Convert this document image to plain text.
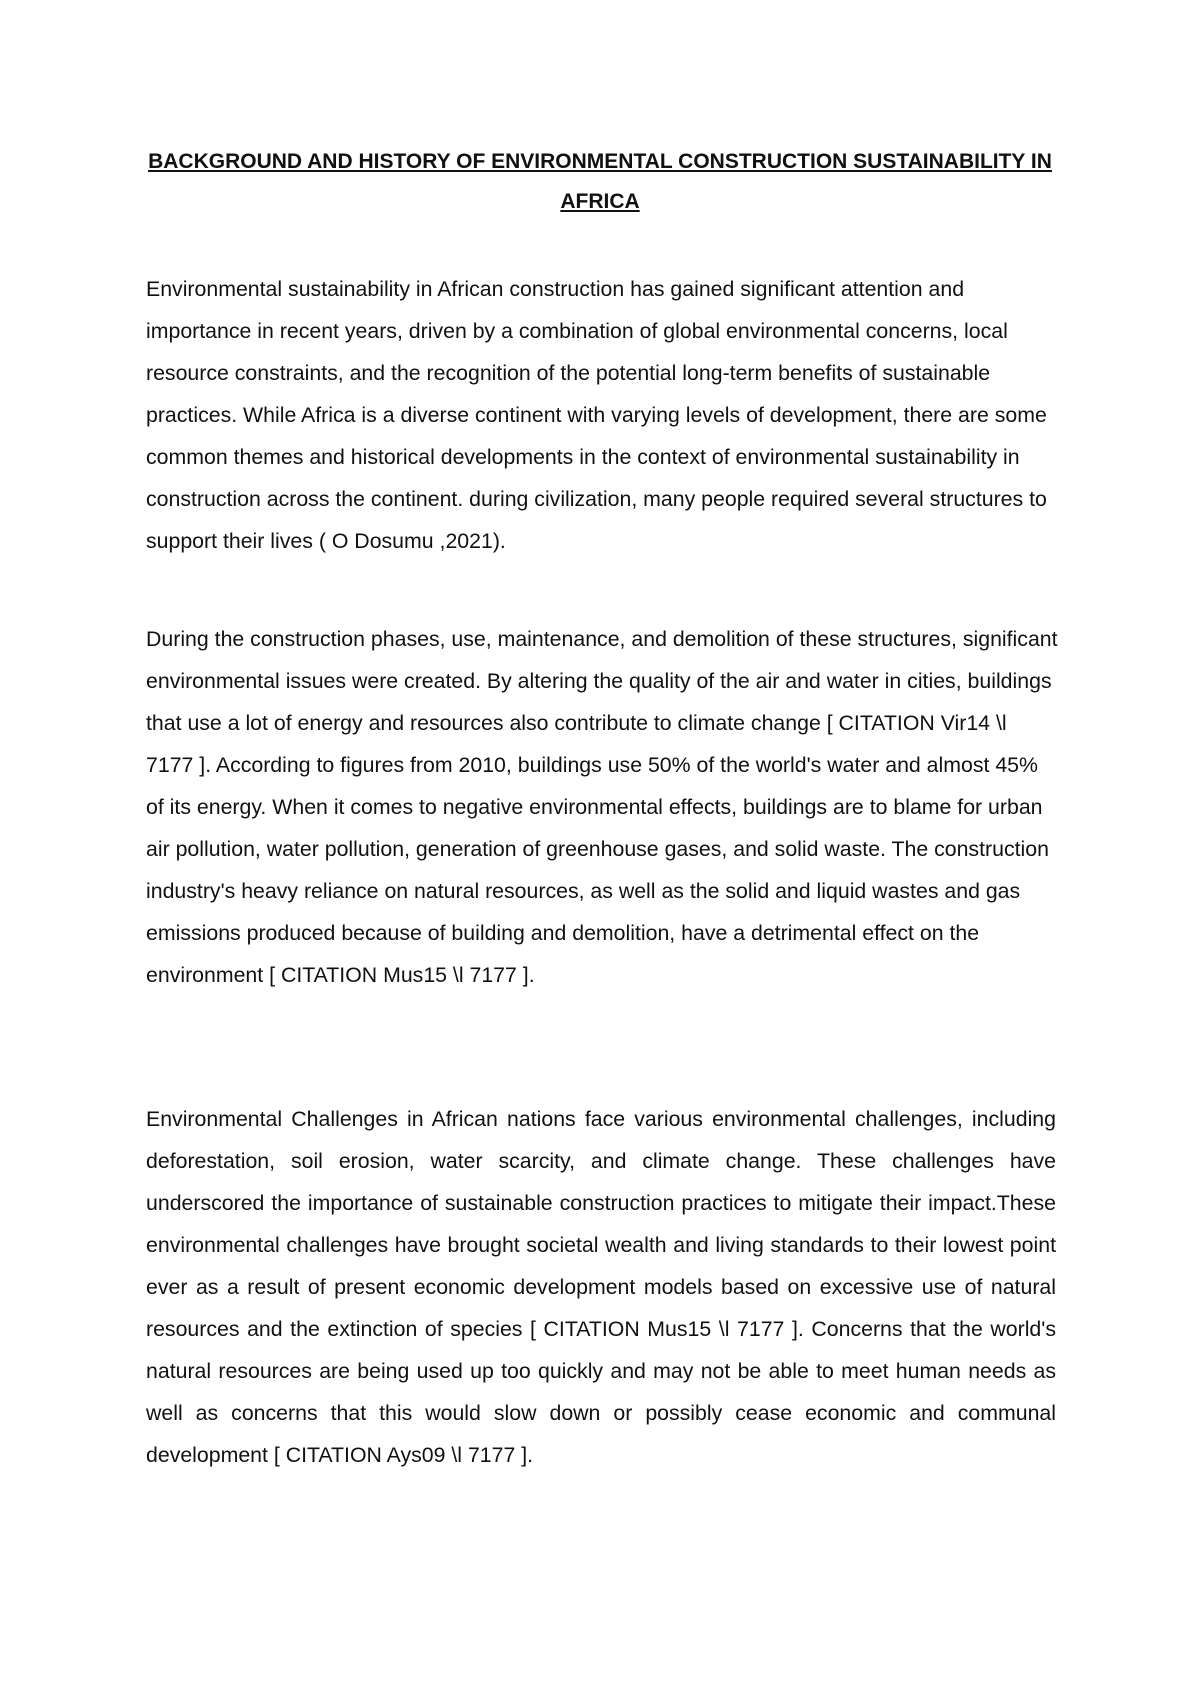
BACKGROUND AND HISTORY OF ENVIRONMENTAL CONSTRUCTION SUSTAINABILITY IN AFRICA

Environmental sustainability in African construction has gained significant attention and importance in recent years, driven by a combination of global environmental concerns, local resource constraints, and the recognition of the potential long-term benefits of sustainable practices. While Africa is a diverse continent with varying levels of development, there are some common themes and historical developments in the context of environmental sustainability in construction across the continent. during civilization, many people required several structures to support their lives ( O Dosumu ,2021).

During the construction phases, use, maintenance, and demolition of these structures, significant environmental issues were created. By altering the quality of the air and water in cities, buildings that use a lot of energy and resources also contribute to climate change [ CITATION Vir14 \l 7177 ]. According to figures from 2010, buildings use 50% of the world's water and almost 45% of its energy. When it comes to negative environmental effects, buildings are to blame for urban air pollution, water pollution, generation of greenhouse gases, and solid waste. The construction industry's heavy reliance on natural resources, as well as the solid and liquid wastes and gas emissions produced because of building and demolition, have a detrimental effect on the environment [ CITATION Mus15 \l 7177 ].

Environmental Challenges in African nations face various environmental challenges, including deforestation, soil erosion, water scarcity, and climate change. These challenges have underscored the importance of sustainable construction practices to mitigate their impact.These environmental challenges have brought societal wealth and living standards to their lowest point ever as a result of present economic development models based on excessive use of natural resources and the extinction of species [ CITATION Mus15 \l 7177 ]. Concerns that the world's natural resources are being used up too quickly and may not be able to meet human needs as well as concerns that this would slow down or possibly cease economic and communal development [ CITATION Ays09 \l 7177 ].
